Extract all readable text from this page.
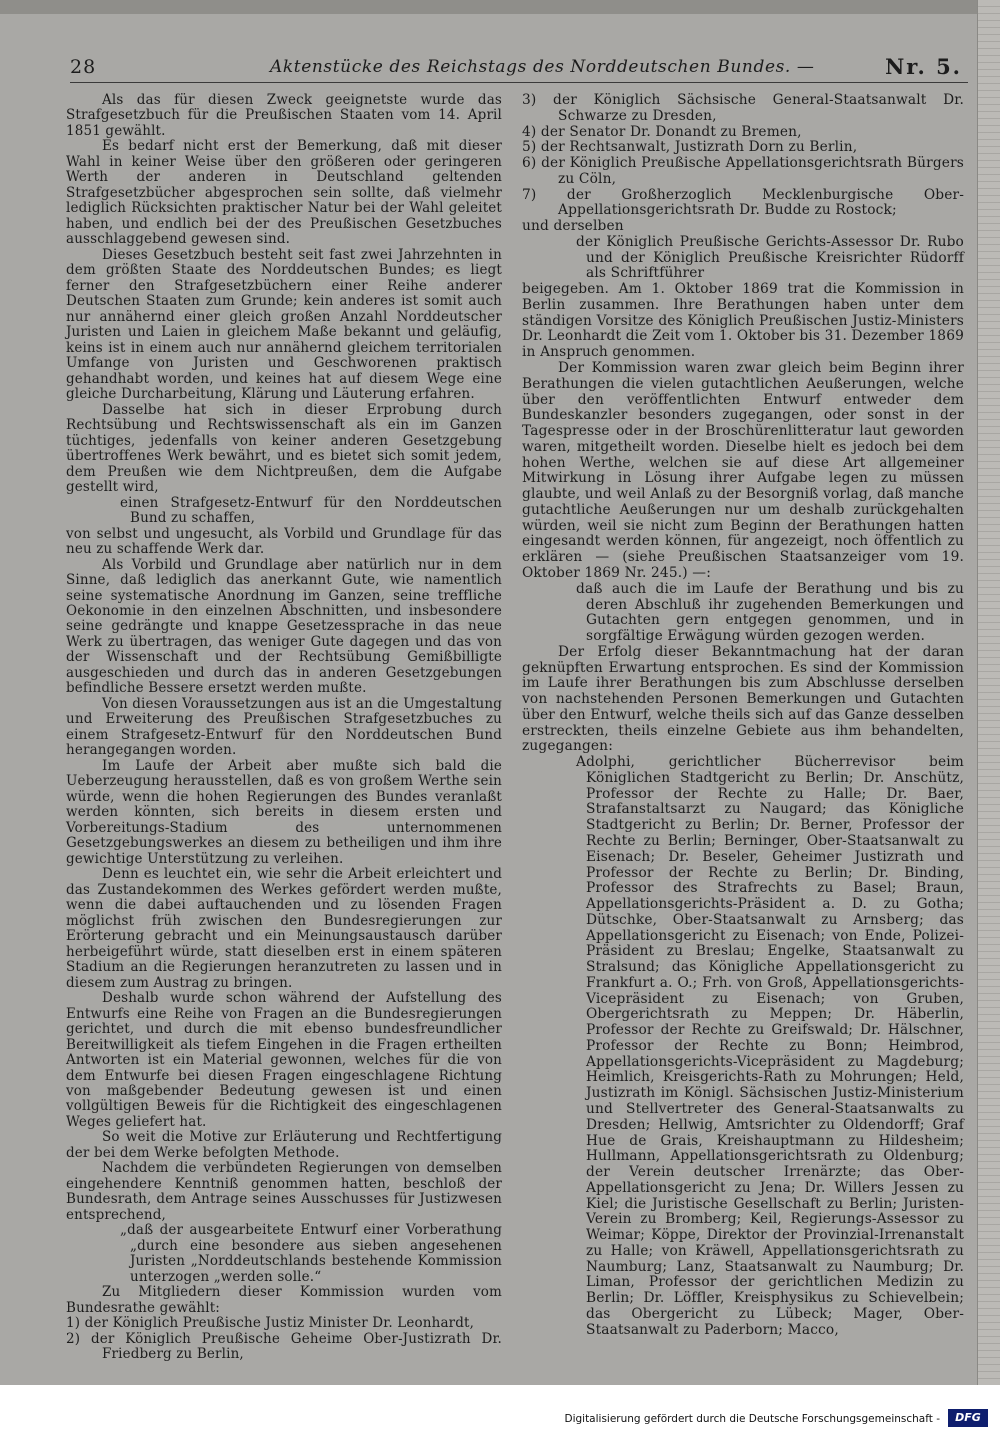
28	Aktenstücke des Reichstags des Norddeutschen Bundes. —	Nr. 5.

Als das für diesen Zweck geeignetste wurde das Strafgesetzbuch für die Preußischen Staaten vom 14. April 1851 gewählt.

Es bedarf nicht erst der Bemerkung, daß mit dieser Wahl in keiner Weise über den größeren oder geringeren Werth der anderen in Deutschland geltenden Strafgesetzbücher abgesprochen sein sollte, daß vielmehr lediglich Rücksichten praktischer Natur bei der Wahl geleitet haben, und endlich bei der des Preußischen Gesetzbuches ausschlaggebend gewesen sind.

Dieses Gesetzbuch besteht seit fast zwei Jahrzehnten in dem größten Staate des Norddeutschen Bundes; es liegt ferner den Strafgesetzbüchern einer Reihe anderer Deutschen Staaten zum Grunde; kein anderes ist somit auch nur annähernd einer gleich großen Anzahl Norddeutscher Juristen und Laien in gleichem Maße bekannt und geläufig, keins ist in einem auch nur annähernd gleichem territorialen Umfange von Juristen und Geschworenen praktisch gehandhabt worden, und keines hat auf diesem Wege eine gleiche Durcharbeitung, Klärung und Läuterung erfahren.

Dasselbe hat sich in dieser Erprobung durch Rechtsübung und Rechtswissenschaft als ein im Ganzen tüchtiges, jedenfalls von keiner anderen Gesetzgebung übertroffenes Werk bewährt, und es bietet sich somit jedem, dem Preußen wie dem Nichtpreußen, dem die Aufgabe gestellt wird,

einen Strafgesetz-Entwurf für den Norddeutschen Bund zu schaffen,

von selbst und ungesucht, als Vorbild und Grundlage für das neu zu schaffende Werk dar.

Als Vorbild und Grundlage aber natürlich nur in dem Sinne, daß lediglich das anerkannt Gute, wie namentlich seine systematische Anordnung im Ganzen, seine treffliche Oekonomie in den einzelnen Abschnitten, und insbesondere seine gedrängte und knappe Gesetzessprache in das neue Werk zu übertragen, das weniger Gute dagegen und das von der Wissenschaft und der Rechtsübung Gemißbilligte ausgeschieden und durch das in anderen Gesetzgebungen befindliche Bessere ersetzt werden mußte.

Von diesen Voraussetzungen aus ist an die Umgestaltung und Erweiterung des Preußischen Strafgesetzbuches zu einem Strafgesetz-Entwurf für den Norddeutschen Bund herangegangen worden.

Im Laufe der Arbeit aber mußte sich bald die Ueberzeugung herausstellen, daß es von großem Werthe sein würde, wenn die hohen Regierungen des Bundes veranlaßt werden könnten, sich bereits in diesem ersten und Vorbereitungs-Stadium des unternommenen Gesetzgebungswerkes an diesem zu betheiligen und ihm ihre gewichtige Unterstützung zu verleihen.

Denn es leuchtet ein, wie sehr die Arbeit erleichtert und das Zustandekommen des Werkes gefördert werden mußte, wenn die dabei auftauchenden und zu lösenden Fragen möglichst früh zwischen den Bundesregierungen zur Erörterung gebracht und ein Meinungsaustausch darüber herbeigeführt würde, statt dieselben erst in einem späteren Stadium an die Regierungen heranzutreten zu lassen und in diesem zum Austrag zu bringen.

Deshalb wurde schon während der Aufstellung des Entwurfs eine Reihe von Fragen an die Bundesregierungen gerichtet, und durch die mit ebenso bundesfreundlicher Bereitwilligkeit als tiefem Eingehen in die Fragen ertheilten Antworten ist ein Material gewonnen, welches für die von dem Entwurfe bei diesen Fragen eingeschlagene Richtung von maßgebender Bedeutung gewesen ist und einen vollgültigen Beweis für die Richtigkeit des eingeschlagenen Weges geliefert hat.

So weit die Motive zur Erläuterung und Rechtfertigung der bei dem Werke befolgten Methode.

Nachdem die verbündeten Regierungen von demselben eingehendere Kenntniß genommen hatten, beschloß der Bundesrath, dem Antrage seines Ausschusses für Justizwesen entsprechend,

„daß der ausgearbeitete Entwurf einer Vorberathung „durch eine besondere aus sieben angesehenen Juristen „Norddeutschlands bestehende Kommission unterzogen „werden solle.“

Zu Mitgliedern dieser Kommission wurden vom Bundesrathe gewählt:

1) der Königlich Preußische Justiz Minister Dr. Leonhardt,

2) der Königlich Preußische Geheime Ober-Justizrath Dr. Friedberg zu Berlin,

3) der Königlich Sächsische General-Staatsanwalt Dr. Schwarze zu Dresden,

4) der Senator Dr. Donandt zu Bremen,

5) der Rechtsanwalt, Justizrath Dorn zu Berlin,

6) der Königlich Preußische Appellationsgerichtsrath Bürgers zu Cöln,

7) der Großherzoglich Mecklenburgische Ober-Appellationsgerichtsrath Dr. Budde zu Rostock;

und derselben

der Königlich Preußische Gerichts-Assessor Dr. Rubo und der Königlich Preußische Kreisrichter Rüdorff als Schriftführer

beigegeben. Am 1. Oktober 1869 trat die Kommission in Berlin zusammen. Ihre Berathungen haben unter dem ständigen Vorsitze des Königlich Preußischen Justiz-Ministers Dr. Leonhardt die Zeit vom 1. Oktober bis 31. Dezember 1869 in Anspruch genommen.

Der Kommission waren zwar gleich beim Beginn ihrer Berathungen die vielen gutachtlichen Aeußerungen, welche über den veröffentlichten Entwurf entweder dem Bundeskanzler besonders zugegangen, oder sonst in der Tagespresse oder in der Broschürenlitteratur laut geworden waren, mitgetheilt worden. Dieselbe hielt es jedoch bei dem hohen Werthe, welchen sie auf diese Art allgemeiner Mitwirkung in Lösung ihrer Aufgabe legen zu müssen glaubte, und weil Anlaß zu der Besorgniß vorlag, daß manche gutachtliche Aeußerungen nur um deshalb zurückgehalten würden, weil sie nicht zum Beginn der Berathungen hatten eingesandt werden können, für angezeigt, noch öffentlich zu erklären — (siehe Preußischen Staatsanzeiger vom 19. Oktober 1869 Nr. 245.) —:

daß auch die im Laufe der Berathung und bis zu deren Abschluß ihr zugehenden Bemerkungen und Gutachten gern entgegen genommen, und in sorgfältige Erwägung würden gezogen werden.

Der Erfolg dieser Bekanntmachung hat der daran geknüpften Erwartung entsprochen. Es sind der Kommission im Laufe ihrer Berathungen bis zum Abschlusse derselben von nachstehenden Personen Bemerkungen und Gutachten über den Entwurf, welche theils sich auf das Ganze desselben erstreckten, theils einzelne Gebiete aus ihm behandelten, zugegangen:

Adolphi, gerichtlicher Bücherrevisor beim Königlichen Stadtgericht zu Berlin; Dr. Anschütz, Professor der Rechte zu Halle; Dr. Baer, Strafanstaltsarzt zu Naugard; das Königliche Stadtgericht zu Berlin; Dr. Berner, Professor der Rechte zu Berlin; Berninger, Ober-Staatsanwalt zu Eisenach; Dr. Beseler, Geheimer Justizrath und Professor der Rechte zu Berlin; Dr. Binding, Professor des Strafrechts zu Basel; Braun, Appellationsgerichts-Präsident a. D. zu Gotha; Dütschke, Ober-Staatsanwalt zu Arnsberg; das Appellationsgericht zu Eisenach; von Ende, Polizei-Präsident zu Breslau; Engelke, Staatsanwalt zu Stralsund; das Königliche Appellationsgericht zu Frankfurt a. O.; Frh. von Groß, Appellationsgerichts-Vicepräsident zu Eisenach; von Gruben, Obergerichtsrath zu Meppen; Dr. Häberlin, Professor der Rechte zu Greifswald; Dr. Hälschner, Professor der Rechte zu Bonn; Heimbrod, Appellationsgerichts-Vicepräsident zu Magdeburg; Heimlich, Kreisgerichts-Rath zu Mohrungen; Held, Justizrath im Königl. Sächsischen Justiz-Ministerium und Stellvertreter des General-Staatsanwalts zu Dresden; Hellwig, Amtsrichter zu Oldendorff; Graf Hue de Grais, Kreishauptmann zu Hildesheim; Hullmann, Appellationsgerichtsrath zu Oldenburg; der Verein deutscher Irrenärzte; das Ober-Appellationsgericht zu Jena; Dr. Willers Jessen zu Kiel; die Juristische Gesellschaft zu Berlin; Juristen-Verein zu Bromberg; Keil, Regierungs-Assessor zu Weimar; Köppe, Direktor der Provinzial-Irrenanstalt zu Halle; von Kräwell, Appellationsgerichtsrath zu Naumburg; Lanz, Staatsanwalt zu Naumburg; Dr. Liman, Professor der gerichtlichen Medizin zu Berlin; Dr. Löffler, Kreisphysikus zu Schievelbein; das Obergericht zu Lübeck; Mager, Ober-Staatsanwalt zu Paderborn; Macco,

Digitalisierung gefördert durch die Deutsche Forschungsgemeinschaft -	DFG
